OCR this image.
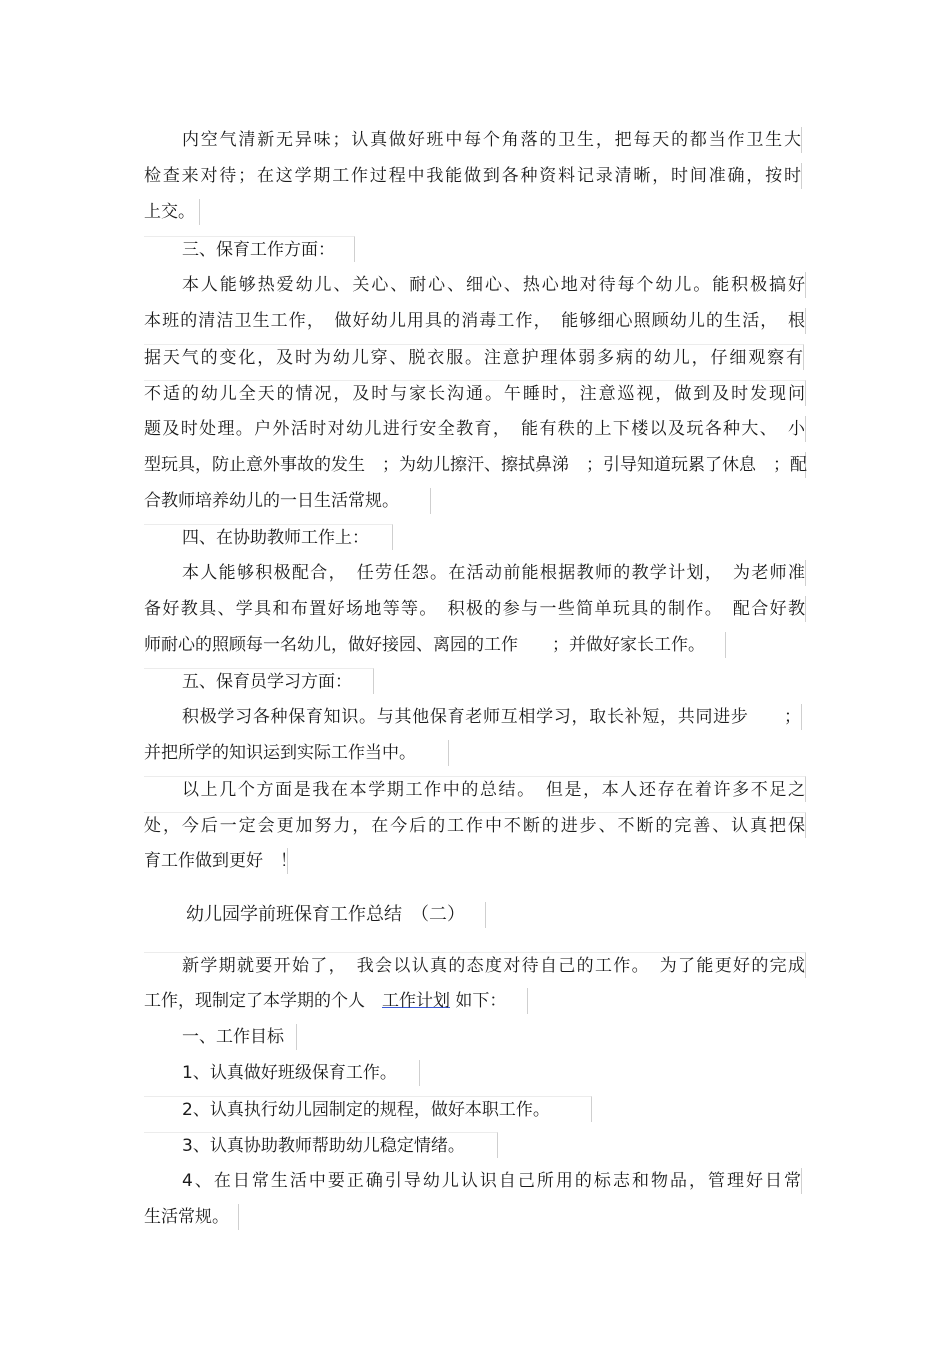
内空气清新无异味；认真做好班中每个角落的卫生，把每天的都当作卫生大
检查来对待；在这学期工作过程中我能做到各种资料记录清晰，时间准确，按时
上交。
三、保育工作方面：
本人能够热爱幼儿、关心、耐心、细心、热心地对待每个幼儿。能积极搞好
本班的清洁卫生工作，　做好幼儿用具的消毒工作，　能够细心照顾幼儿的生活，　根
据天气的变化，及时为幼儿穿、脱衣服。注意护理体弱多病的幼儿，仔细观察有
不适的幼儿全天的情况，及时与家长沟通。午睡时，注意巡视，做到及时发现问
题及时处理。户外活时对幼儿进行安全教育，　能有秩的上下楼以及玩各种大、　小
型玩具，防止意外事故的发生　；为幼儿擦汗、擦拭鼻涕　；引导知道玩累了休息　；配
合教师培养幼儿的一日生活常规。
四、在协助教师工作上：
本人能够积极配合，　任劳任怨。在活动前能根据教师的教学计划，　为老师准
备好教具、学具和布置好场地等等。　积极的参与一些简单玩具的制作。　配合好教
师耐心的照顾每一名幼儿，做好接园、离园的工作　　；并做好家长工作。
五、保育员学习方面：
积极学习各种保育知识。与其他保育老师互相学习，取长补短，共同进步　　；
并把所学的知识运到实际工作当中。
以上几个方面是我在本学期工作中的总结。　但是，本人还存在着许多不足之
处，今后一定会更加努力，在今后的工作中不断的进步、不断的完善、认真把保
育工作做到更好　！
幼儿园学前班保育工作总结　（二）
新学期就要开始了，　我会以认真的态度对待自己的工作。　为了能更好的完成
工作，现制定了本学期的个人　工作计划 如下：
一、工作目标
1、认真做好班级保育工作。
2、认真执行幼儿园制定的规程，做好本职工作。
3、认真协助教师帮助幼儿稳定情绪。
4、在日常生活中要正确引导幼儿认识自己所用的标志和物品，管理好日常
生活常规。
